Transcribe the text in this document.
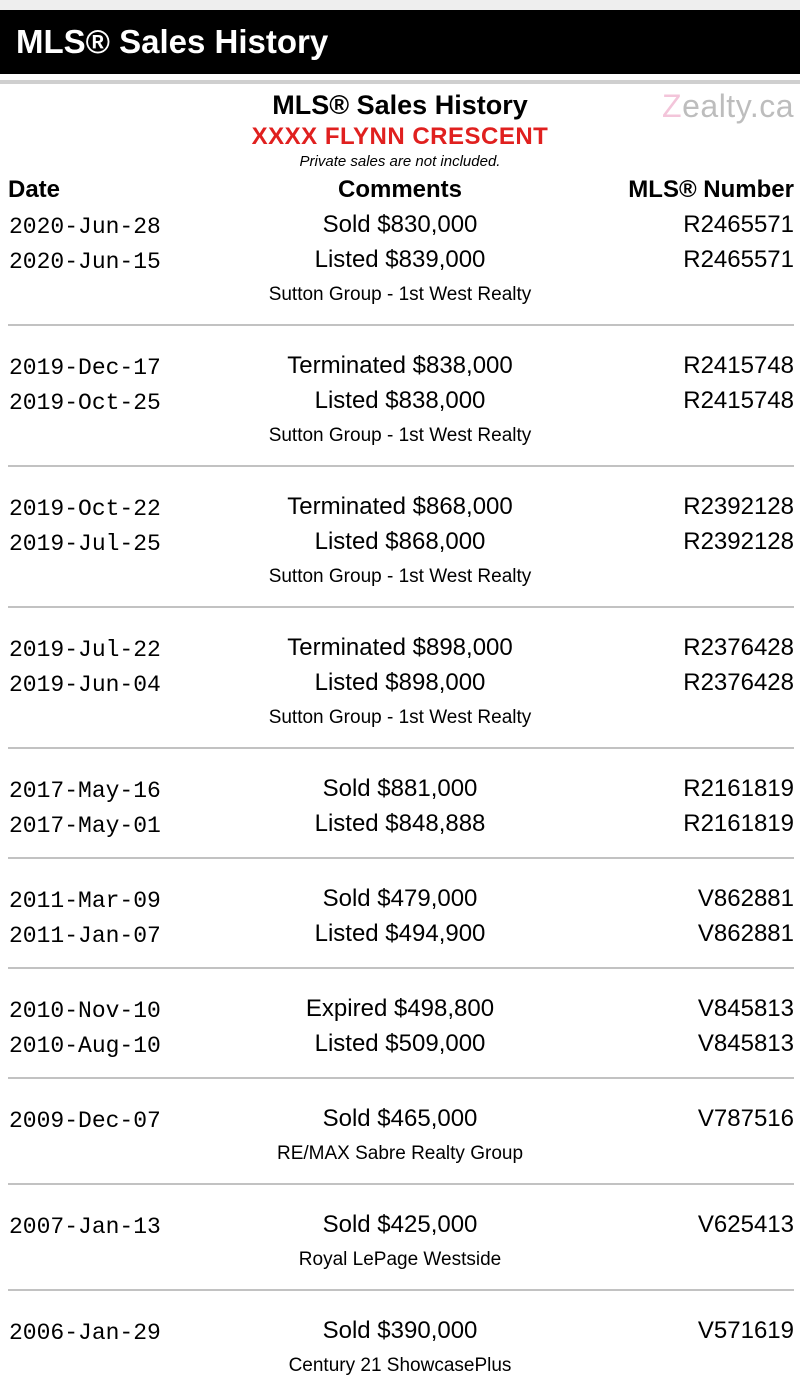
MLS® Sales History
Zealty.ca
MLS® Sales History
XXXX FLYNN CRESCENT
Private sales are not included.
Date	Comments	MLS® Number
2020-Jun-28	Sold $830,000	R2465571
2020-Jun-15	Listed $839,000	R2465571
Sutton Group - 1st West Realty
2019-Dec-17	Terminated $838,000	R2415748
2019-Oct-25	Listed $838,000	R2415748
Sutton Group - 1st West Realty
2019-Oct-22	Terminated $868,000	R2392128
2019-Jul-25	Listed $868,000	R2392128
Sutton Group - 1st West Realty
2019-Jul-22	Terminated $898,000	R2376428
2019-Jun-04	Listed $898,000	R2376428
Sutton Group - 1st West Realty
2017-May-16	Sold $881,000	R2161819
2017-May-01	Listed $848,888	R2161819
2011-Mar-09	Sold $479,000	V862881
2011-Jan-07	Listed $494,900	V862881
2010-Nov-10	Expired $498,800	V845813
2010-Aug-10	Listed $509,000	V845813
2009-Dec-07	Sold $465,000	V787516
RE/MAX Sabre Realty Group
2007-Jan-13	Sold $425,000	V625413
Royal LePage Westside
2006-Jan-29	Sold $390,000	V571619
Century 21 ShowcasePlus
